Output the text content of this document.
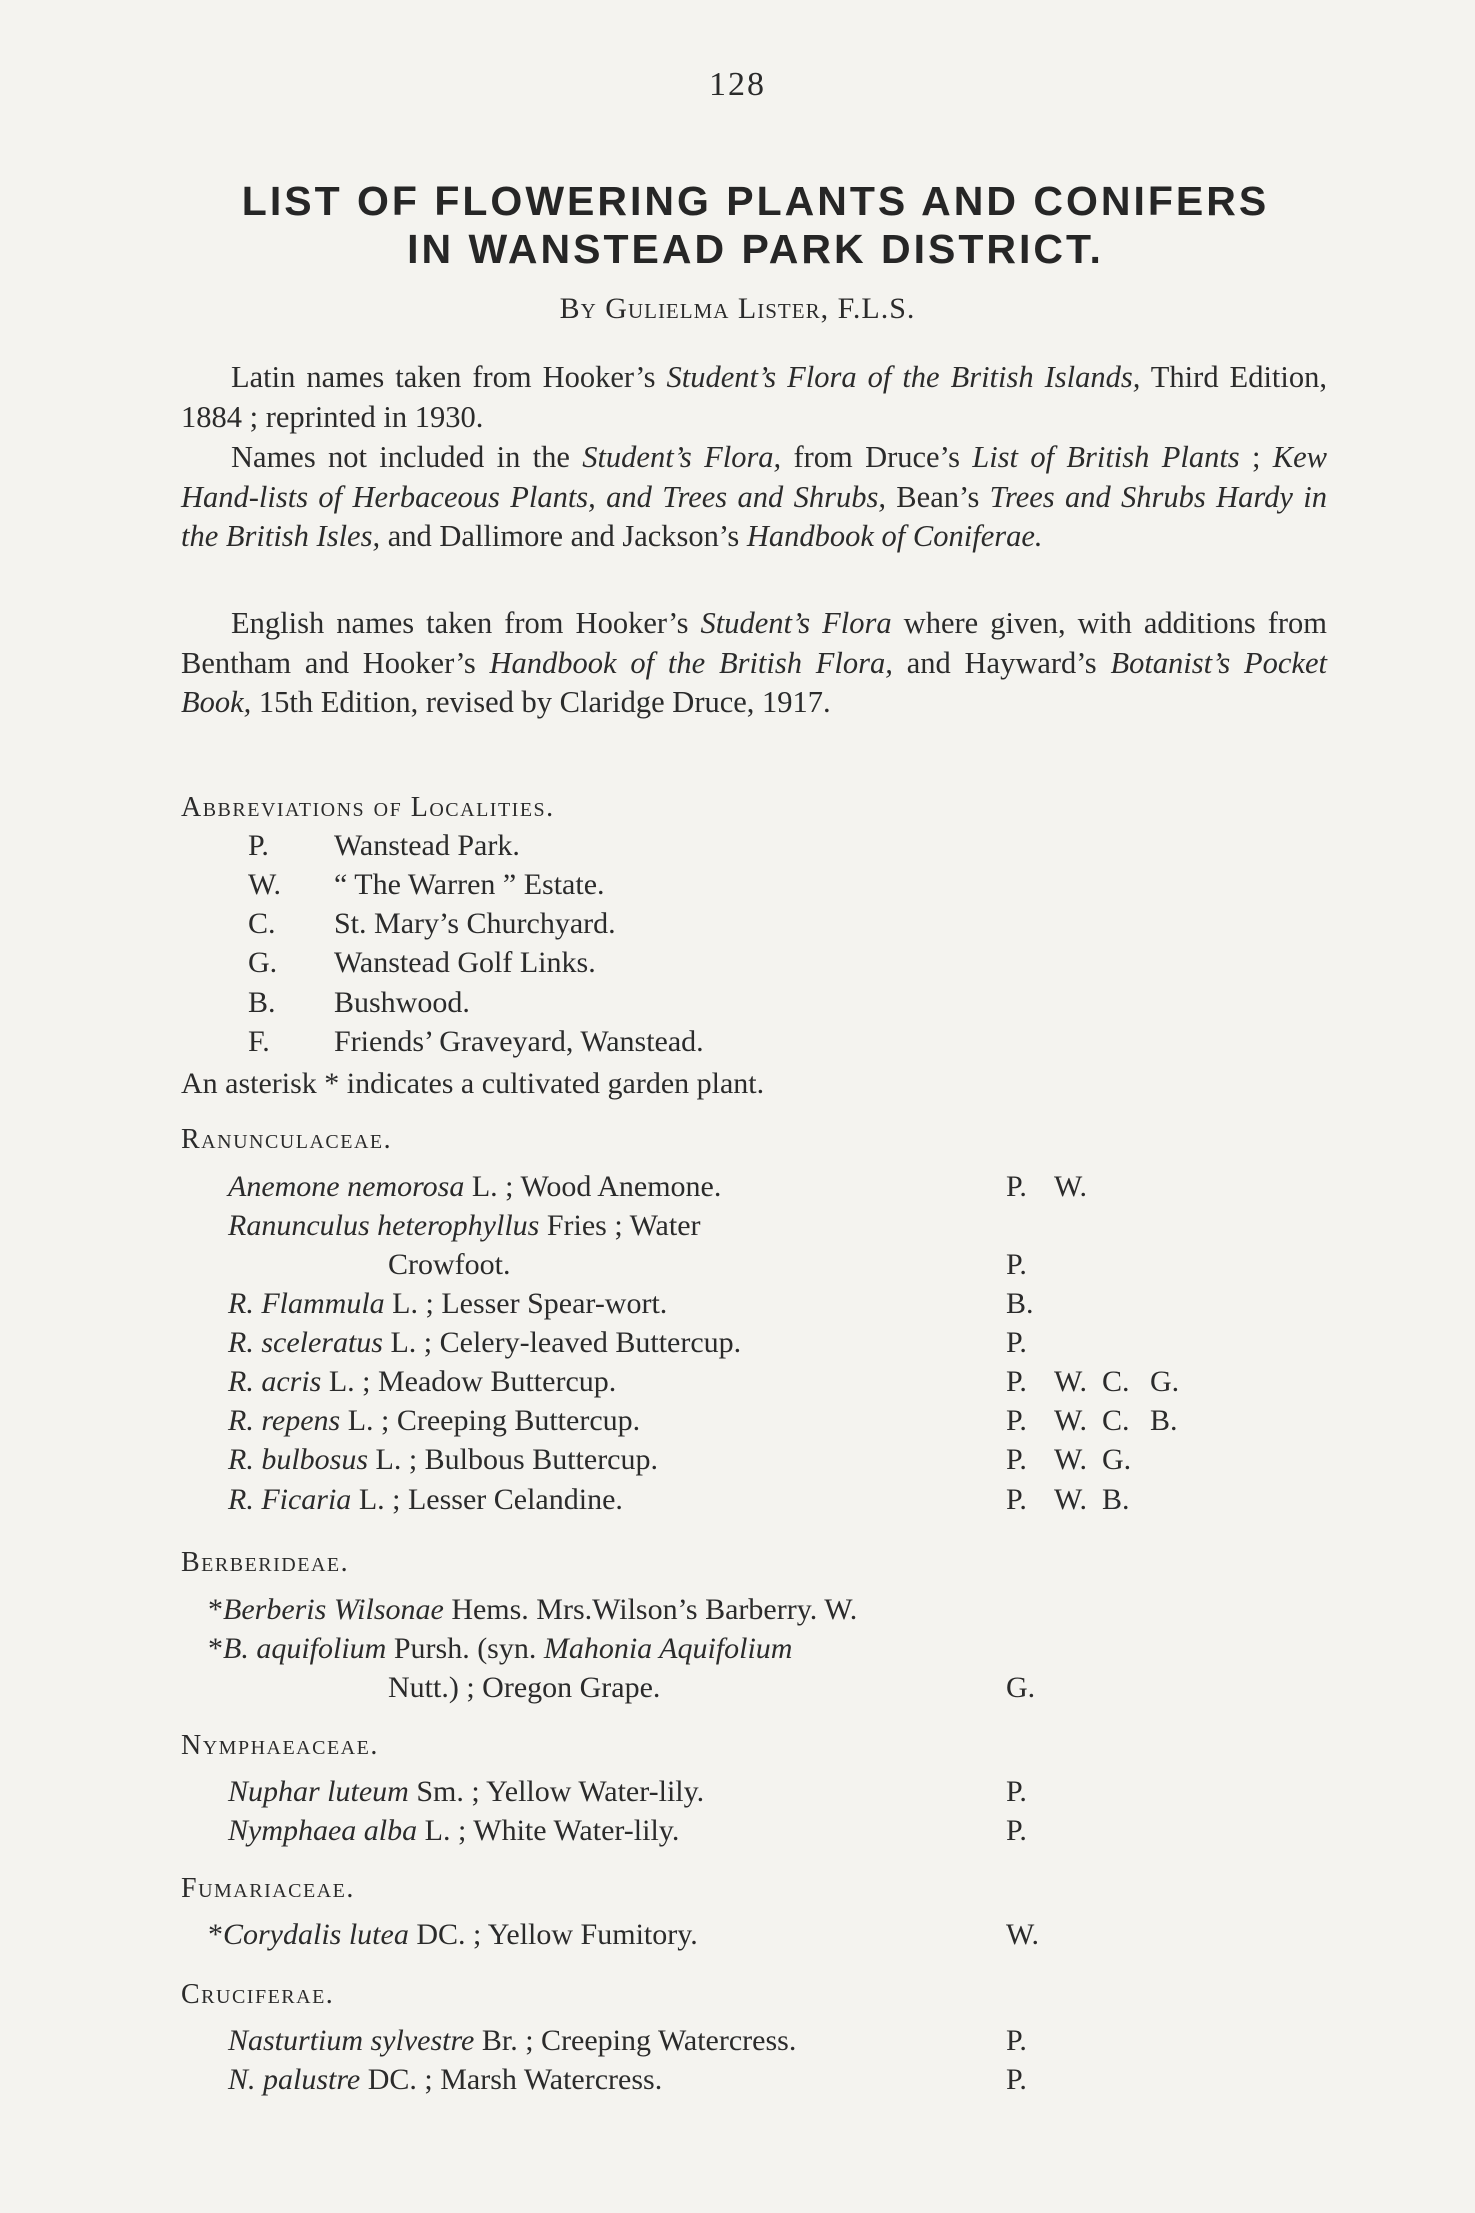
128
LIST OF FLOWERING PLANTS AND CONIFERS
IN WANSTEAD PARK DISTRICT.
By Gulielma Lister, F.L.S.
Latin names taken from Hooker’s Student’s Flora of the British Islands, Third Edition, 1884 ; reprinted in 1930.
Names not included in the Student’s Flora, from Druce’s List of British Plants ; Kew Hand-lists of Herbaceous Plants, and Trees and Shrubs, Bean’s Trees and Shrubs Hardy in the British Isles, and Dallimore and Jackson’s Handbook of Coniferae.
English names taken from Hooker’s Student’s Flora where given, with additions from Bentham and Hooker’s Handbook of the British Flora, and Hayward’s Botanist’s Pocket Book, 15th Edition, revised by Claridge Druce, 1917.
Abbreviations of Localities.
P. Wanstead Park.
W. “ The Warren ” Estate.
C. St. Mary’s Churchyard.
G. Wanstead Golf Links.
B. Bushwood.
F. Friends’ Graveyard, Wanstead.
An asterisk * indicates a cultivated garden plant.
Ranunculaceae.
Anemone nemorosa L. ; Wood Anemone.	P. W.
Ranunculus heterophyllus Fries ; Water
Crowfoot.	P.
R. Flammula L. ; Lesser Spear-wort.	B.
R. sceleratus L. ; Celery-leaved Buttercup.	P.
R. acris L. ; Meadow Buttercup.	P. W. C. G.
R. repens L. ; Creeping Buttercup.	P. W. C. B.
R. bulbosus L. ; Bulbous Buttercup.	P. W. G.
R. Ficaria L. ; Lesser Celandine.	P. W. B.
Berberideae.
*Berberis Wilsonae Hems. Mrs.Wilson’s Barberry. W.
*B. aquifolium Pursh. (syn. Mahonia Aquifolium
Nutt.) ; Oregon Grape.	G.
Nymphaeaceae.
Nuphar luteum Sm. ; Yellow Water-lily.	P.
Nymphaea alba L. ; White Water-lily.	P.
Fumariaceae.
*Corydalis lutea DC. ; Yellow Fumitory.	W.
Cruciferae.
Nasturtium sylvestre Br. ; Creeping Watercress.	P.
N. palustre DC. ; Marsh Watercress.	P.
